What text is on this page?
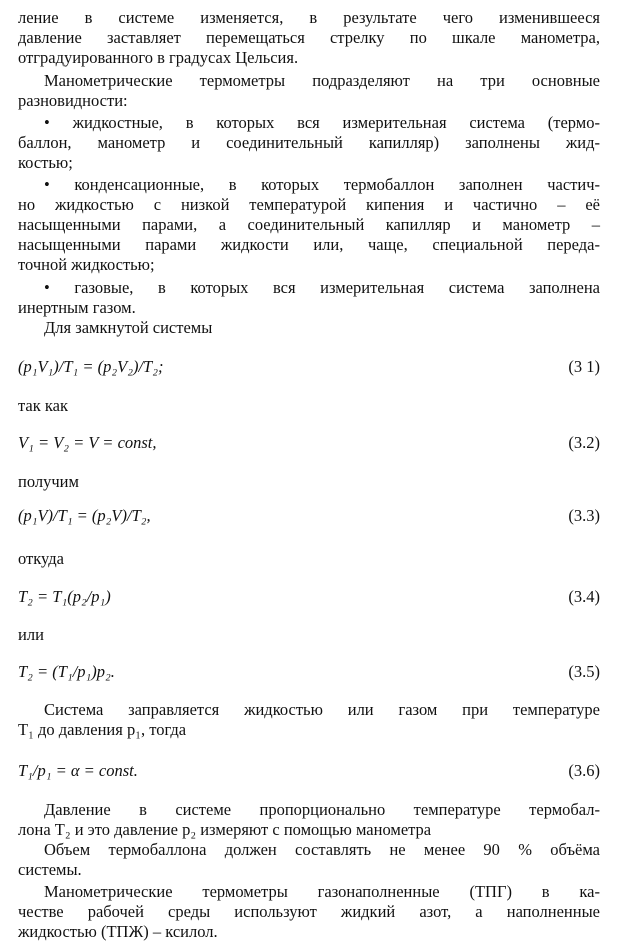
ление в системе изменяется, в результате чего изменившееся
давление заставляет перемещаться стрелку по шкале манометра,
отградуированного в градусах Цельсия.
Манометрические термометры подразделяют на три основные
разновидности:
• жидкостные, в которых вся измерительная система (термо-
баллон, манометр и соединительный капилляр) заполнены жид-
костью;
• конденсационные, в которых термобаллон заполнен частич-
но жидкостью с низкой температурой кипения и частично – её
насыщенными парами, а соединительный капилляр и манометр –
насыщенными парами жидкости или, чаще, специальной переда-
точной жидкостью;
• газовые, в которых вся измерительная система заполнена
инертным газом.
Для замкнутой системы
(p₁V₁)/T₁ = (p₂V₂)/T₂;	(3 1)
так как
V₁ = V₂ = V = const,	(3.2)
получим
(p₁V)/T₁ = (p₂V)/T₂,	(3.3)
откуда
T₂ = T₁(p₂/p₁)	(3.4)
или
T₂ = (T₁/p₁)p₂.	(3.5)
Система заправляется жидкостью или газом при температуре
T₁ до давления p₁, тогда
T₁/p₁ = α = const.	(3.6)
Давление в системе пропорционально температуре термобал-
лона T₂ и это давление p₂ измеряют с помощью манометра
Объем термобаллона должен составлять не менее 90 % объёма
системы.
Манометрические термометры газонаполненные (ТПГ) в ка-
честве рабочей среды используют жидкий азот, а наполненные
жидкостью (ТПЖ) – ксилол.
